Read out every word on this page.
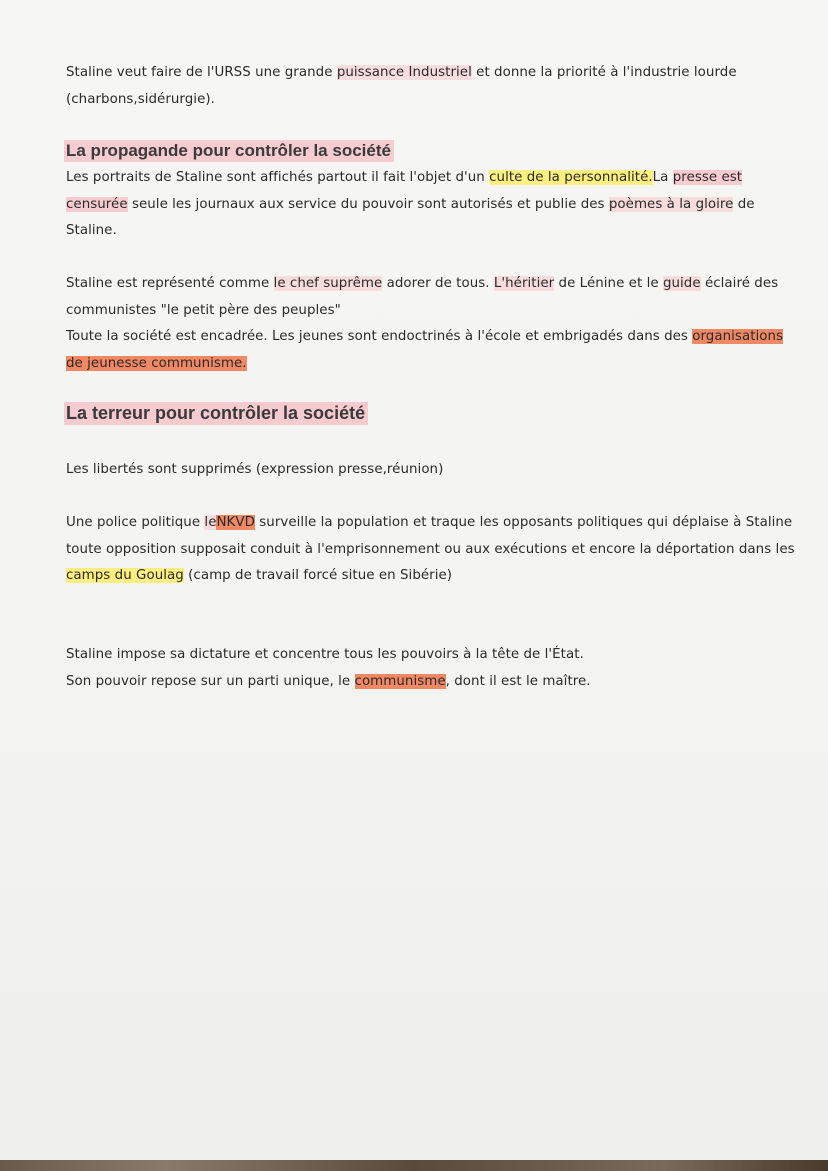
Staline veut faire de l'URSS une grande puissance Industriel et donne la priorité à l'industrie lourde (charbons,sidérurgie).

La propagande pour contrôler la société

Les portraits de Staline sont affichés partout il fait l'objet d'un culte de la personnalité.La presse est censurée seule les journaux aux service du pouvoir sont autorisés et publie des poèmes à la gloire de Staline.

Staline est représenté comme le chef suprême adorer de tous. L'héritier de Lénine et le guide éclairé des communistes "le petit père des peuples"
Toute la société est encadrée. Les jeunes sont endoctrinés à l'école et embrigadés dans des organisations de jeunesse communisme.

La terreur pour contrôler la société

Les libertés sont supprimés (expression presse,réunion)

Une police politique leNKVD surveille la population et traque les opposants politiques qui déplaise à Staline toute opposition supposait conduit à l'emprisonnement ou aux exécutions et encore la déportation dans les camps du Goulag (camp de travail forcé situe en Sibérie)

Staline impose sa dictature et concentre tous les pouvoirs à la tête de l'État.
Son pouvoir repose sur un parti unique, le communisme, dont il est le maître.
